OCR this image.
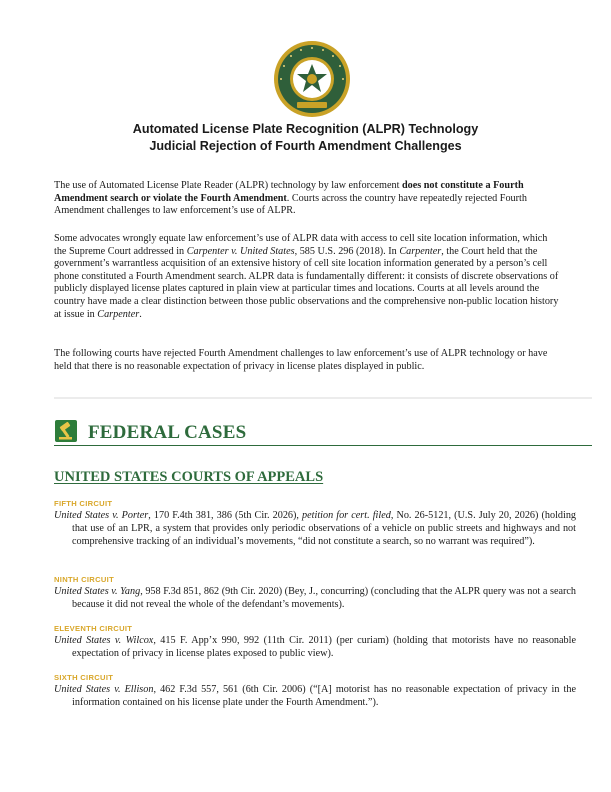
Automated License Plate Recognition (ALPR) Technology
Judicial Rejection of Fourth Amendment Challenges

The use of Automated License Plate Reader (ALPR) technology by law enforcement does not constitute a Fourth Amendment search or violate the Fourth Amendment. Courts across the country have repeatedly rejected Fourth Amendment challenges to law enforcement’s use of ALPR.

Some advocates wrongly equate law enforcement’s use of ALPR data with access to cell site location information, which the Supreme Court addressed in Carpenter v. United States, 585 U.S. 296 (2018). In Carpenter, the Court held that the government’s warrantless acquisition of an extensive history of cell site location information generated by a person’s cell phone constituted a Fourth Amendment search. ALPR data is fundamentally different: it consists of discrete observations of publicly displayed license plates captured in plain view at particular times and locations. Courts at all levels around the country have made a clear distinction between those public observations and the comprehensive non-public location history at issue in Carpenter.

The following courts have rejected Fourth Amendment challenges to law enforcement’s use of ALPR technology or have held that there is no reasonable expectation of privacy in license plates displayed in public.

FEDERAL CASES
UNITED STATES COURTS OF APPEALS
FIFTH CIRCUIT

United States v. Porter, 170 F.4th 381, 386 (5th Cir. 2026), petition for cert. filed, No. 26-5121, (U.S. July 20, 2026) (holding that use of an LPR, a system that provides only periodic observations of a vehicle on public streets and highways and not comprehensive tracking of an individual’s movements, “did not constitute a search, so no warrant was required”).

NINTH CIRCUIT

United States v. Yang, 958 F.3d 851, 862 (9th Cir. 2020) (Bey, J., concurring) (concluding that the ALPR query was not a search because it did not reveal the whole of the defendant’s movements).

ELEVENTH CIRCUIT

United States v. Wilcox, 415 F. App’x 990, 992 (11th Cir. 2011) (per curiam) (holding that motorists have no reasonable expectation of privacy in license plates exposed to public view).

SIXTH CIRCUIT

United States v. Ellison, 462 F.3d 557, 561 (6th Cir. 2006) (“[A] motorist has no reasonable expectation of privacy in the information contained on his license plate under the Fourth Amendment.”).
